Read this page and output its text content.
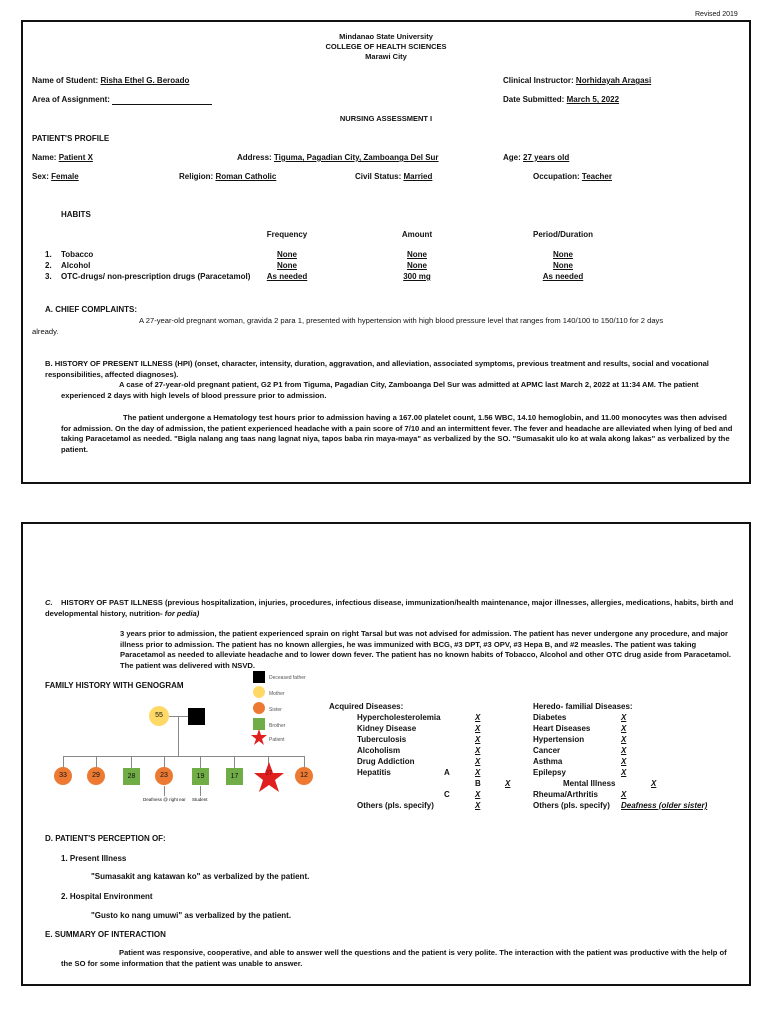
Revised 2019
Mindanao State University
COLLEGE OF HEALTH SCIENCES
Marawi City
Name of Student: Risha Ethel G. Beroado	Clinical Instructor: Norhidayah Aragasi
Area of Assignment:	Date Submitted: March 5, 2022
NURSING ASSESSMENT I
PATIENT'S PROFILE
Name: Patient X	Address: Tiguma, Pagadian City, Zamboanga Del Sur	Age: 27 years old
Sex: Female	Religion: Roman Catholic	Civil Status: Married	Occupation: Teacher
HABITS
Frequency	Amount	Period/Duration
1. Tobacco	None	None	None
2. Alcohol	None	None	None
3. OTC-drugs/ non-prescription drugs (Paracetamol)	As needed	300 mg	As needed
A. CHIEF COMPLAINTS:
A 27-year-old pregnant woman, gravida 2 para 1, presented with hypertension with high blood pressure level that ranges from 140/100 to 150/110 for 2 days
already.
B. HISTORY OF PRESENT ILLNESS (HPI) (onset, character, intensity, duration, aggravation, and alleviation, associated symptoms, previous treatment and results, social and vocational responsibilities, affected diagnoses).
A case of 27-year-old pregnant patient, G2 P1 from Tiguma, Pagadian City, Zamboanga Del Sur was admitted at APMC last March 2, 2022 at 11:34 AM. The patient experienced 2 days with high levels of blood pressure prior to admission.
The patient undergone a Hematology test hours prior to admission having a 167.00 platelet count, 1.56 WBC, 14.10 hemoglobin, and 11.00 monocytes was then advised for admission. On the day of admission, the patient experienced headache with a pain score of 7/10 and an intermittent fever. The fever and headache are alleviated when lying of bed and taking Paracetamol as needed. "Bigla nalang ang taas nang lagnat niya, tapos baba rin maya-maya" as verbalized by the SO. "Sumasakit ulo ko at wala akong lakas" as verbalized by the patient.
C. HISTORY OF PAST ILLNESS (previous hospitalization, injuries, procedures, infectious disease, immunization/health maintenance, major illnesses, allergies, medications, habits, birth and developmental history, nutrition- for pedia)
3 years prior to admission, the patient experienced sprain on right Tarsal but was not advised for admission. The patient has never undergone any procedure, and major illness prior to admission. The patient has no known allergies, he was immunized with BCG, #3 DPT, #3 OPV, #3 Hepa B, and #2 measles. The patient was taking Paracetamol as needed to alleviate headache and to lower down fever. The patient has no known habits of Tobacco, Alcohol and other OTC drug aside from Paracetamol. The patient was delivered with NSVD.
FAMILY HISTORY WITH GENOGRAM
Deceased father
Mother
Sister
Brother
Patient
55
33	29	28	23	19	17	27	12
Deafness @ right ear Student
Acquired Diseases:
Hypercholesterolemia	X
Kidney Disease	X
Tuberculosis	X
Alcoholism	X
Drug Addiction	X
Hepatitis	A	X
B	X
C	X
Others (pls. specify)	X
Heredo- familial Diseases:
Diabetes	X
Heart Diseases	X
Hypertension	X
Cancer	X
Asthma	X
Epilepsy	X
Mental Illness	X
Rheuma/Arthritis	X
Others (pls. specify) Deafness (older sister)
D. PATIENT'S PERCEPTION OF:
1. Present Illness
"Sumasakit ang katawan ko" as verbalized by the patient.
2. Hospital Environment
"Gusto ko nang umuwi" as verbalized by the patient.
E. SUMMARY OF INTERACTION
Patient was responsive, cooperative, and able to answer well the questions and the patient is very polite. The interaction with the patient was productive with the help of the SO for some information that the patient was unable to answer.
